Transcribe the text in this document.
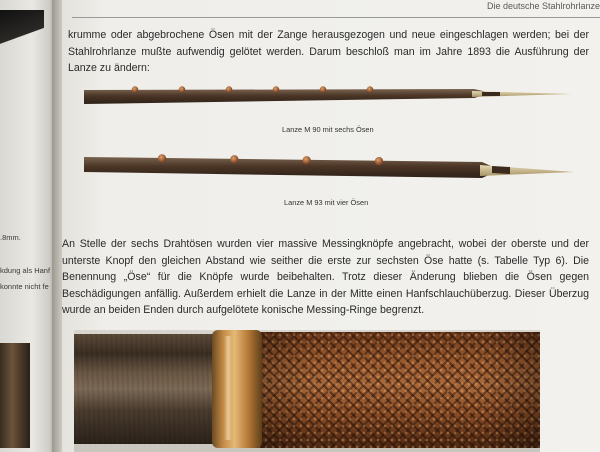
.8mm.
kdung als Hanf
konnte nicht fe
Die deutsche Stahlrohrlanze
krumme oder abgebrochene Ösen mit der Zange herausgezogen und neue eingeschlagen werden; bei der Stahlrohrlanze mußte aufwendig gelötet werden. Darum beschloß man im Jahre 1893 die Ausführung der Lanze zu ändern:
Lanze M 90 mit sechs Ösen
Lanze M 93 mit vier Ösen
An Stelle der sechs Drahtösen wurden vier massive Messingknöpfe angebracht, wobei der oberste und der unterste Knopf den gleichen Abstand wie seither die erste zur sechsten Öse hatte (s. Tabelle Typ 6). Die Benennung „Öse“ für die Knöpfe wurde beibehalten. Trotz dieser Änderung blieben die Ösen gegen Beschädigungen anfällig. Außerdem erhielt die Lanze in der Mitte einen Hanfschlauchüberzug. Dieser Überzug wurde an beiden Enden durch aufgelötete konische Messing-Ringe begrenzt.
